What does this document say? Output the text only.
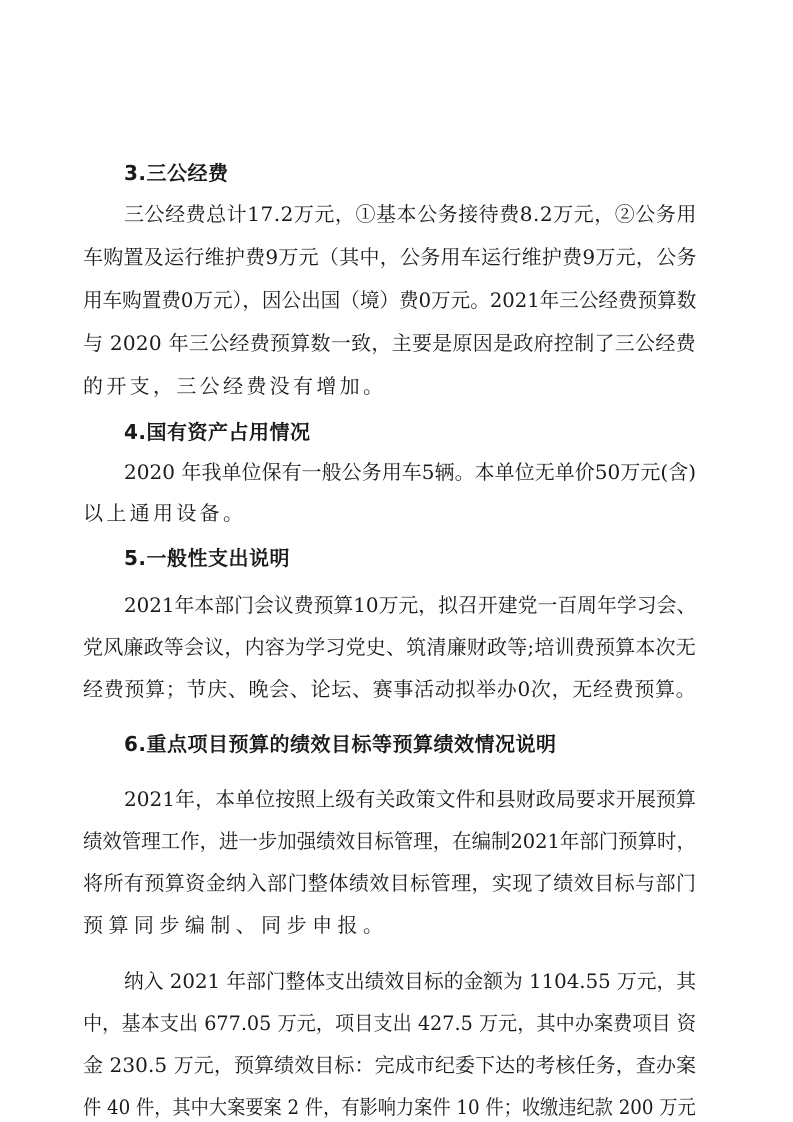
3.三公经费
三公经费总计17.2万元，①基本公务接待费8.2万元，②公务用
车购置及运行维护费9万元（其中，公务用车运行维护费9万元，公务
用车购置费0万元），因公出国（境）费0万元。2021年三公经费预算数
与 2020 年三公经费预算数一致，主要是原因是政府控制了三公经费
的开支，三公经费没有增加。
4.国有资产占用情况
2020 年我单位保有一般公务用车5辆。本单位无单价50万元(含)
以上通用设备。
5.一般性支出说明
2021年本部门会议费预算10万元，拟召开建党一百周年学习会、
党风廉政等会议，内容为学习党史、筑清廉财政等;培训费预算本次无
经费预算；节庆、晚会、论坛、赛事活动拟举办0次，无经费预算。
6.重点项目预算的绩效目标等预算绩效情况说明
2021年，本单位按照上级有关政策文件和县财政局要求开展预算
绩效管理工作，进一步加强绩效目标管理，在编制2021年部门预算时，
将所有预算资金纳入部门整体绩效目标管理，实现了绩效目标与部门
预算同步编制、同步申报。
纳入 2021 年部门整体支出绩效目标的金额为 1104.55 万元，其
中，基本支出 677.05 万元，项目支出 427.5 万元，其中办案费项目 资
金 230.5 万元，预算绩效目标：完成市纪委下达的考核任务，查办案
件 40 件，其中大案要案 2 件，有影响力案件 10 件；收缴违纪款 200 万元
